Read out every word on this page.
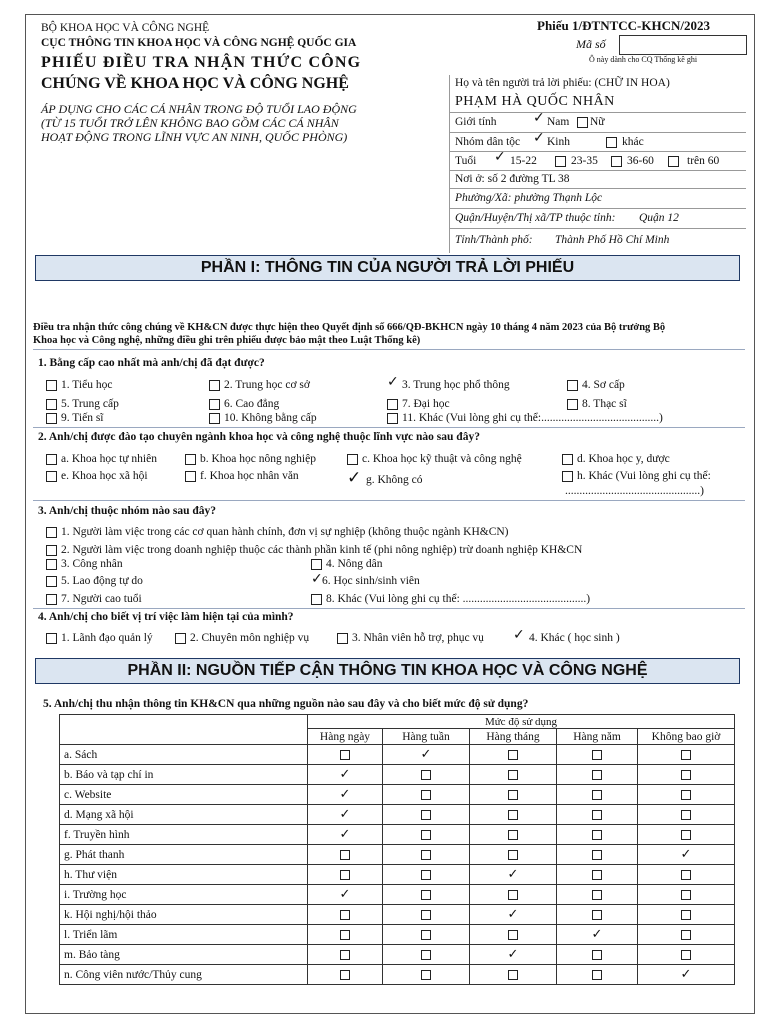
BỘ KHOA HỌC VÀ CÔNG NGHỆ
CỤC THÔNG TIN KHOA HỌC VÀ CÔNG NGHỆ QUỐC GIA
PHIẾU ĐIỀU TRA NHẬN THỨC CÔNG
CHÚNG VỀ KHOA HỌC VÀ CÔNG NGHỆ
ÁP DỤNG CHO CÁC CÁ NHÂN TRONG ĐỘ TUỔI LAO ĐỘNG
(TỪ 15 TUỔI TRỞ LÊN KHÔNG BAO GỒM CÁC CÁ NHÂN
HOẠT ĐỘNG TRONG LĨNH VỰC AN NINH, QUỐC PHÒNG)
Phiếu 1/ĐTNTCC-KHCN/2023
Mã số
Ô này dành cho CQ Thống kê ghi
Họ và tên người trả lời phiếu: (CHỮ IN HOA)
PHẠM HÀ QUỐC NHÂN
Giới tính	✓ Nam Nữ
Nhóm dân tộc ✓ Kinh	khác
Tuổi ✓ 15-22	23-35	36-60	trên 60
Nơi ở: số 2 đường TL 38
Phường/Xã: phường Thạnh Lộc
Quận/Huyện/Thị xã/TP thuộc tỉnh: Quận 12
Tỉnh/Thành phố: Thành Phố Hồ Chí Minh
PHẦN I: THÔNG TIN CỦA NGƯỜI TRẢ LỜI PHIẾU
Điều tra nhận thức công chúng về KH&CN được thực hiện theo Quyết định số 666/QĐ-BKHCN ngày 10 tháng 4 năm 2023 của Bộ trưởng Bộ
Khoa học và Công nghệ, những điều ghi trên phiếu được bảo mật theo Luật Thống kê)
1. Bằng cấp cao nhất mà anh/chị đã đạt được?
1. Tiểu học	2. Trung học cơ sở	✓ 3. Trung học phổ thông	4. Sơ cấp
5. Trung cấp	6. Cao đẳng	7. Đại học	8. Thạc sĩ
9. Tiến sĩ	10. Không bằng cấp	11. Khác (Vui lòng ghi cụ thể:.........................................)
2. Anh/chị được đào tạo chuyên ngành khoa học và công nghệ thuộc lĩnh vực nào sau đây?
a. Khoa học tự nhiên	b. Khoa học nông nghiệp	c. Khoa học kỹ thuật và công nghệ	d. Khoa học y, dược
e. Khoa học xã hội	f. Khoa học nhân văn	✓ g. Không có	h. Khác (Vui lòng ghi cụ thể:
...............................................)
3. Anh/chị thuộc nhóm nào sau đây?
1. Người làm việc trong các cơ quan hành chính, đơn vị sự nghiệp (không thuộc ngành KH&CN)
2. Người làm việc trong doanh nghiệp thuộc các thành phần kinh tế (phi nông nghiệp) trừ doanh nghiệp KH&CN
3. Công nhân	4. Nông dân
5. Lao động tự do	✓ 6. Học sinh/sinh viên
7. Người cao tuổi	8. Khác (Vui lòng ghi cụ thể: ...........................................)
4. Anh/chị cho biết vị trí việc làm hiện tại của mình?
1. Lãnh đạo quản lý	2. Chuyên môn nghiệp vụ	3. Nhân viên hỗ trợ, phục vụ ✓ 4. Khác ( học sinh )
PHẦN II: NGUỒN TIẾP CẬN THÔNG TIN KHOA HỌC VÀ CÔNG NGHỆ
5. Anh/chị thu nhận thông tin KH&CN qua những nguồn nào sau đây và cho biết mức độ sử dụng?
	Mức độ sử dụng				
	Hàng ngày	Hàng tuần	Hàng tháng	Hàng năm	Không bao giờ
a. Sách		✓			
b. Báo và tạp chí in	✓				
c. Website	✓				
d. Mạng xã hội	✓				
f. Truyền hình	✓				
g. Phát thanh					✓
h. Thư viện			✓		
i. Trường học	✓				
k. Hội nghị/hội thảo			✓		
l. Triển lãm				✓	
m. Bảo tàng			✓		
n. Công viên nước/Thủy cung					✓
